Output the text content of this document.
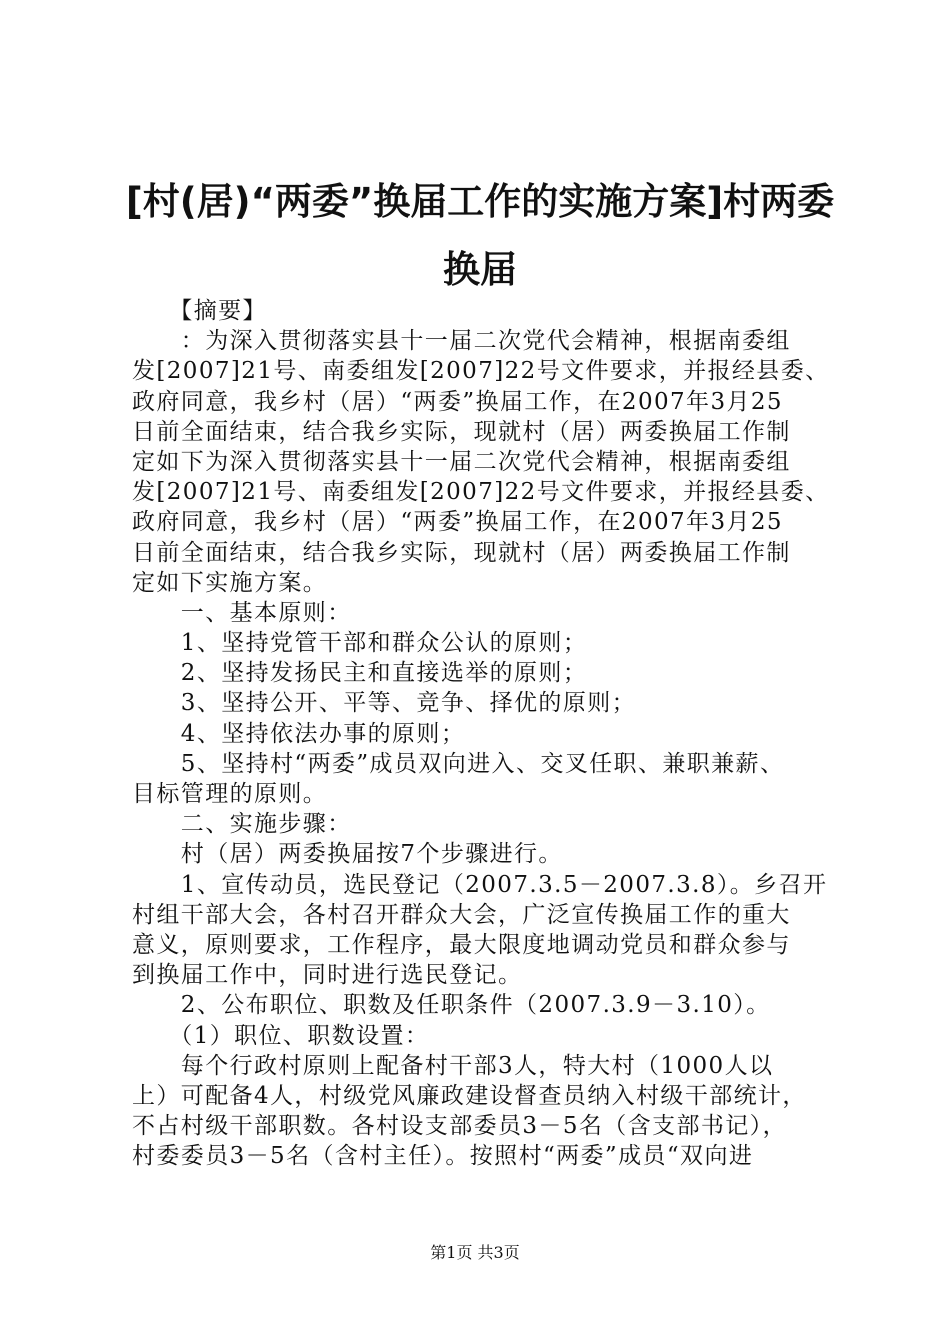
[村(居)“两委”换届工作的实施方案]村两委
换届
　　【摘要】
　　：为深入贯彻落实县十一届二次党代会精神，根据南委组
发[2007]21号、南委组发[2007]22号文件要求，并报经县委、
政府同意，我乡村（居）“两委”换届工作，在2007年3月25
日前全面结束，结合我乡实际，现就村（居）两委换届工作制
定如下为深入贯彻落实县十一届二次党代会精神，根据南委组
发[2007]21号、南委组发[2007]22号文件要求，并报经县委、
政府同意，我乡村（居）“两委”换届工作，在2007年3月25
日前全面结束，结合我乡实际，现就村（居）两委换届工作制
定如下实施方案。
　　一、基本原则：
　　1、坚持党管干部和群众公认的原则；
　　2、坚持发扬民主和直接选举的原则；
　　3、坚持公开、平等、竞争、择优的原则；
　　4、坚持依法办事的原则；
　　5、坚持村“两委”成员双向进入、交叉任职、兼职兼薪、
目标管理的原则。
　　二、实施步骤：
　　村（居）两委换届按7个步骤进行。
　　1、宣传动员，选民登记（2007.3.5－2007.3.8）。乡召开
村组干部大会，各村召开群众大会，广泛宣传换届工作的重大
意义，原则要求，工作程序，最大限度地调动党员和群众参与
到换届工作中，同时进行选民登记。
　　2、公布职位、职数及任职条件（2007.3.9－3.10）。
　　（1）职位、职数设置：
　　每个行政村原则上配备村干部3人，特大村（1000人以
上）可配备4人，村级党风廉政建设督查员纳入村级干部统计，
不占村级干部职数。各村设支部委员3－5名（含支部书记），
村委委员3－5名（含村主任）。按照村“两委”成员“双向进
第1页 共3页
